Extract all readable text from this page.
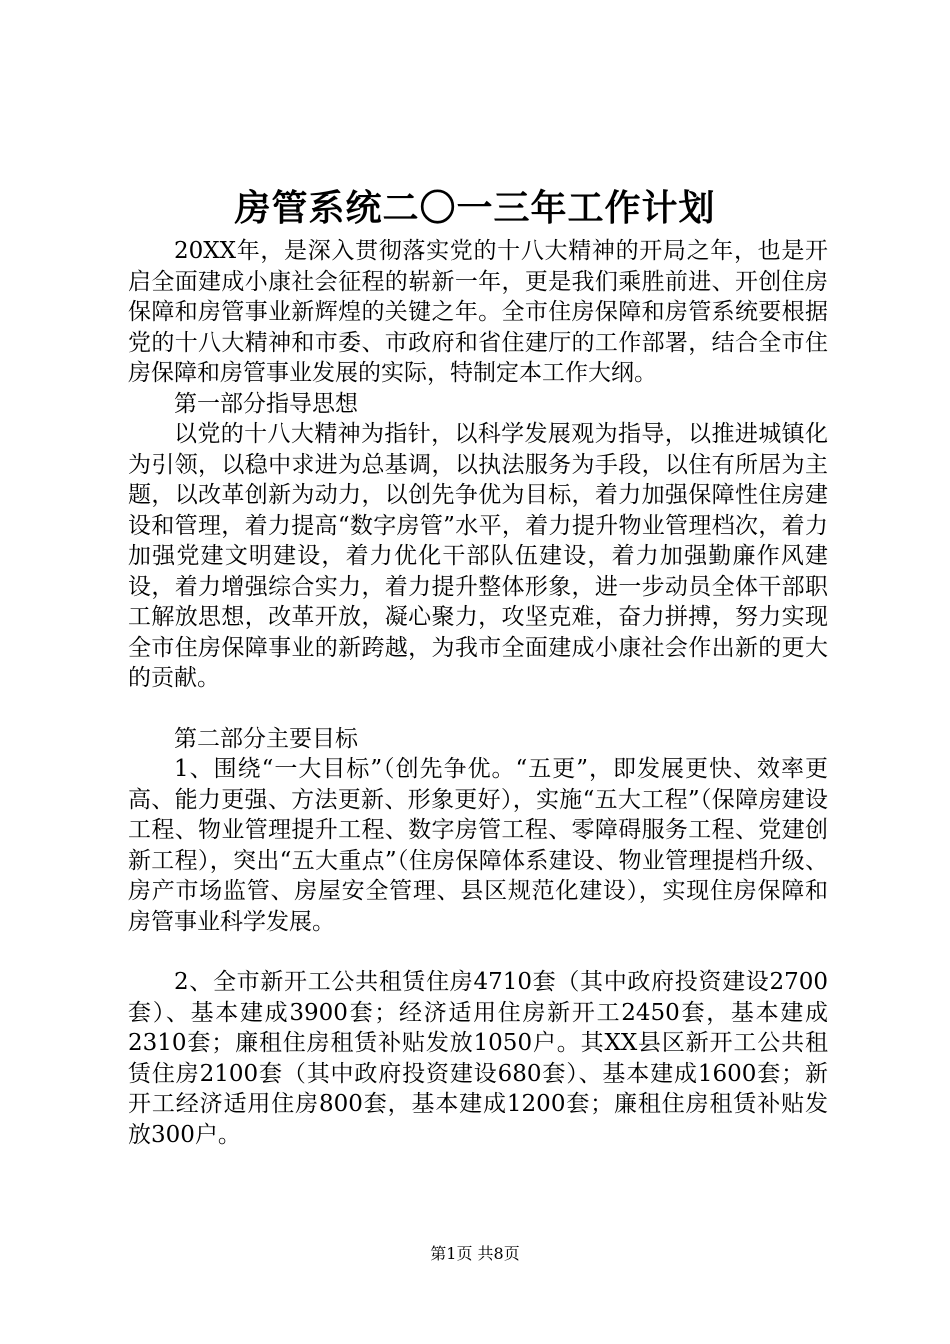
房管系统二〇一三年工作计划

20XX年，是深入贯彻落实党的十八大精神的开局之年，也是开启全面建成小康社会征程的崭新一年，更是我们乘胜前进、开创住房保障和房管事业新辉煌的关键之年。全市住房保障和房管系统要根据党的十八大精神和市委、市政府和省住建厅的工作部署，结合全市住房保障和房管事业发展的实际，特制定本工作大纲。

第一部分指导思想

以党的十八大精神为指针，以科学发展观为指导，以推进城镇化为引领，以稳中求进为总基调，以执法服务为手段，以住有所居为主题，以改革创新为动力，以创先争优为目标，着力加强保障性住房建设和管理，着力提高“数字房管”水平，着力提升物业管理档次，着力加强党建文明建设，着力优化干部队伍建设，着力加强勤廉作风建设，着力增强综合实力，着力提升整体形象，进一步动员全体干部职工解放思想，改革开放，凝心聚力，攻坚克难，奋力拼搏，努力实现全市住房保障事业的新跨越，为我市全面建成小康社会作出新的更大的贡献。

第二部分主要目标

1、围绕“一大目标”（创先争优。“五更”，即发展更快、效率更高、能力更强、方法更新、形象更好），实施“五大工程”（保障房建设工程、物业管理提升工程、数字房管工程、零障碍服务工程、党建创新工程），突出“五大重点”（住房保障体系建设、物业管理提档升级、房产市场监管、房屋安全管理、县区规范化建设），实现住房保障和房管事业科学发展。

2、全市新开工公共租赁住房4710套（其中政府投资建设2700套）、基本建成3900套；经济适用住房新开工2450套，基本建成2310套；廉租住房租赁补贴发放1050户。其XX县区新开工公共租赁住房2100套（其中政府投资建设680套）、基本建成1600套；新开工经济适用住房800套，基本建成1200套；廉租住房租赁补贴发放300户。

第1页 共8页
